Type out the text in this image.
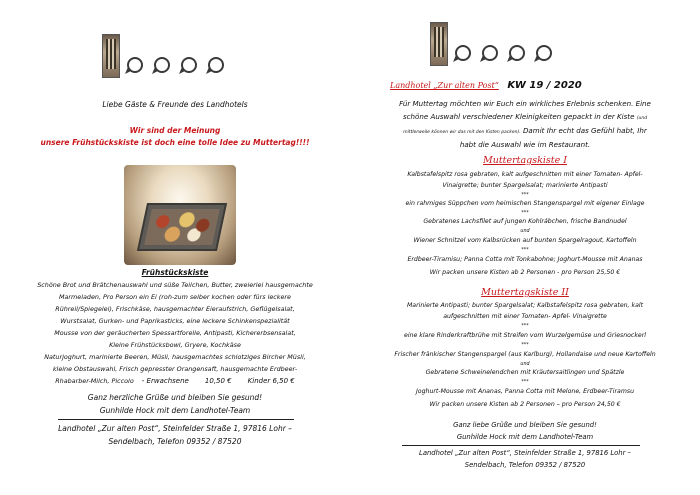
Liebe Gäste & Freunde des Landhotels
Wir sind der Meinung
unsere Frühstückskiste ist doch eine tolle Idee zu Muttertag!!!!
Frühstückskiste
Schöne Brot und Brätchenauswahl und süße Teilchen, Butter, zweierlei hausgemachte
Marmeladen, Pro Person ein Ei (roh-zum selber kochen oder fürs leckere
Rühreil/Spiegelei), Frischkäse, hausgemachter Eieraufstrich, Geflügelsalat,
Wurstsalat, Gurken- und Paprikasticks, eine leckere Schinkenspezialität
Mousse von der geräucherten Spessartforelle, Antipasti, Kichererbsensalat,
Kleine Frühstücksbowl, Gryere, Kochkäse
Naturjoghurt, marinierte Beeren, Müsli, hausgemachtes schlotziges Bircher Müsli,
kleine Obstauswahl, Frisch gepresster Orangensaft, hausgemachte Erdbeer-
Rhabarber-Milch, Piccolo - Erwachsene 10,50 € Kinder 6,50 €
Ganz herzliche Grüße und bleiben Sie gesund!
Gunhilde Hock mit dem Landhotel-Team
Landhotel „Zur alten Post“, Steinfelder Straße 1, 97816 Lohr –
Sendelbach, Telefon 09352 / 87520
Landhotel „Zur alten Post“ KW 19 / 2020
Für Muttertag möchten wir Euch ein wirkliches Erlebnis schenken. Eine
schöne Auswahl verschiedener Kleinigkeiten gepackt in der Kiste (und
mittlerweile können wir das mit den Kisten packen). Damit Ihr echt das Gefühl habt, Ihr
habt die Auswahl wie im Restaurant.
Muttertagskiste I
Kalbstafelspitz rosa gebraten, kalt aufgeschnitten mit einer Tomaten- Apfel-
Vinaigrette; bunter Spargelsalat; marinierte Antipasti
***
ein rahmiges Süppchen vom heimischen Stangenspargel mit eigener Einlage
***
Gebratenes Lachsfilet auf jungen Kohlrábchen, frische Bandnudel
und
Wiener Schnitzel vom Kalbsrücken auf bunten Spargelragout, Kartoffeln
***
Erdbeer-Tiramisu; Panna Cotta mit Tonkabohne; Joghurt-Mousse mit Ananas
Wir packen unsere Kisten ab 2 Personen - pro Person 25,50 €
Muttertagskiste II
Marinierte Antipasti; bunter Spargelsalat; Kalbstafelspitz rosa gebraten, kalt
aufgeschnitten mit einer Tomaten- Apfel- Vinaigrette
***
eine klare Rinderkraftbrühe mit Streifen vom Wurzelgemüse und Griesnockerl
***
Frischer fränkischer Stangenspargel (aus Karlburg), Hollandaise und neue Kartoffeln
und
Gebratene Schweinelendchen mit Kräutersaitlingen und Spätzle
***
Joghurt-Mousse mit Ananas, Panna Cotta mit Melone, Erdbeer-Tiramsu
Wir packen unsere Kisten ab 2 Personen – pro Person 24,50 €
Ganz liebe Grüße und bleiben Sie gesund!
Gunhilde Hock mit dem Landhotel-Team
Landhotel „Zur alten Post“, Steinfelder Straße 1, 97816 Lohr –
Sendelbach, Telefon 09352 / 87520
